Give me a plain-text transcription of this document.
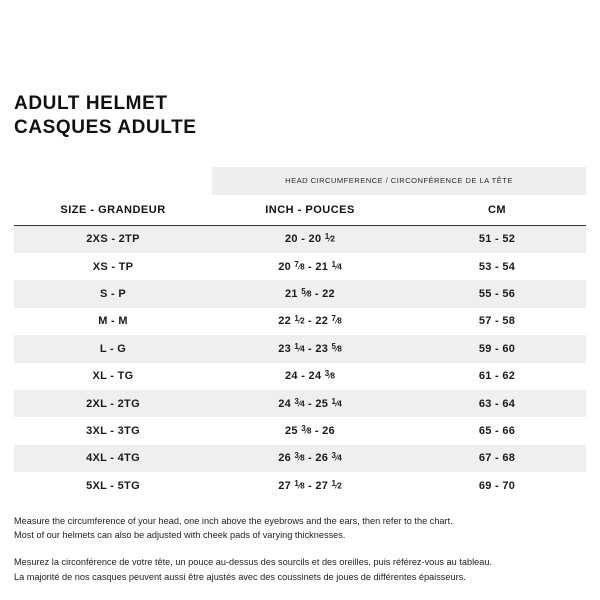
ADULT HELMET
CASQUES ADULTE
	HEAD CIRCUMFERENCE / CIRCONFÉRENCE DE LA TÊTE	
SIZE - GRANDEUR	INCH - POUCES	CM
2XS - 2TP	20 - 20 $^1$⁄2	51 - 52
XS - TP	20 $^7$⁄8 - 21 $^1$⁄4	53 - 54
S - P	21 $^5$⁄8 - 22	55 - 56
M - M	22 $^1$⁄2 - 22 $^7$⁄8	57 - 58
L - G	23 $^1$⁄4 - 23 $^5$⁄8	59 - 60
XL - TG	24 - 24 $^3$⁄8	61 - 62
2XL - 2TG	24 $^3$⁄4 - 25 $^1$⁄4	63 - 64
3XL - 3TG	25 $^3$⁄8 - 26	65 - 66
4XL - 4TG	26 $^3$⁄8 - 26 $^3$⁄4	67 - 68
5XL - 5TG	27 $^1$⁄8 - 27 $^1$⁄2	69 - 70
Measure the circumference of your head, one inch above the eyebrows and the ears, then refer to the chart.
Most of our helmets can also be adjusted with cheek pads of varying thicknesses.
Mesurez la circonférence de votre tête, un pouce au-dessus des sourcils et des oreilles, puis référez-vous au tableau.
La majorité de nos casques peuvent aussi être ajustés avec des coussinets de joues de différentes épaisseurs.
